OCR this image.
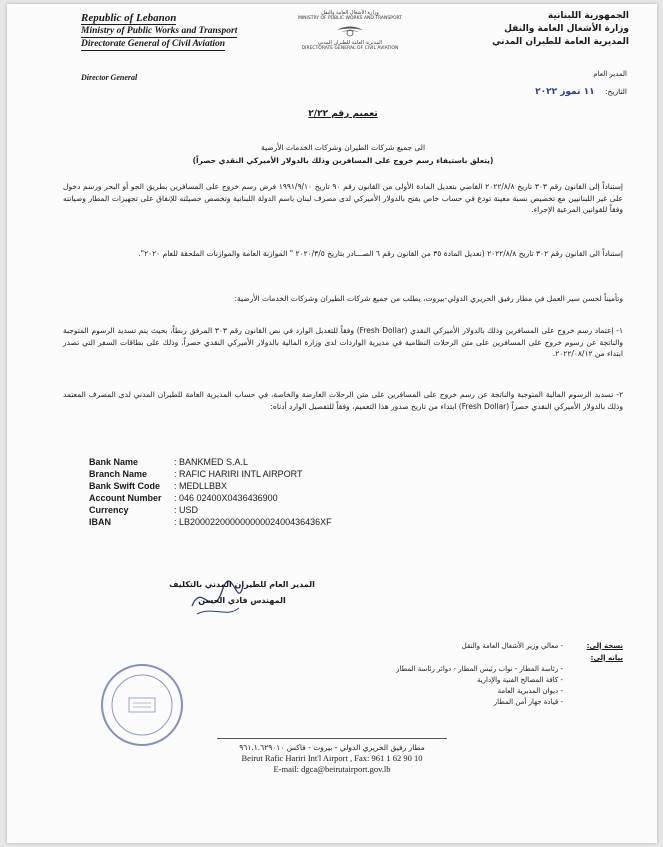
Republic of Lebanon
Ministry of Public Works and Transport
Directorate General of Civil Aviation
وزارة الأشغال العامة والنقل
MINISTRY OF PUBLIC WORKS AND TRANSPORT
المديرية العامة للطيران المدني
DIRECTORATE GENERAL OF CIVIL AVIATION
الجمهورية اللبنانية
وزارة الأشغال العامة والنقل
المديرية العامة للطيران المدني
Director General	المدير العام
التاريخ: ١١ تموز ٢٠٢٢
تعميم رقم ٢/٢٢
الى جميع شركات الطيران وشركات الخدمات الأرضية
(يتعلق باستيفاء رسم خروج على المسافرين وذلك بالدولار الأميركي النقدي حصراً)
إستناداً إلى القانون رقم ٣٠٣ تاريخ ٢٠٢٢/٨/٨ القاضي بتعديل المادة الأولى من القانون رقم ٩٠ تاريخ ١٩٩١/٩/١٠ فرض رسم خروج على المسافرين بطريق الجو أو البحر ورسم دخول على غير اللبنانيين مع تخصيص نسبة معينة تودع في حساب خاص يفتح بالدولار الأميركي لدى مصرف لبنان باسم الدولة اللبنانية وتخصص حصيلته للإنفاق على تجهيزات المطار وصيانته وفقاً للقوانين المرعية الإجراء.
إستناداً الى القانون رقم ٣٠٢ تاريخ ٢٠٢٢/٨/٨ (تعديل المادة ٣٥ من القانون رقم ٦ الصـــادر بتاريخ ٢٠٢٠/٣/٥ " الموازنة العامة والموازنات الملحقة للعام ٢٠٢٠".
وتأميناً لحسن سير العمل في مطار رفيق الحريري الدولي-بيروت، يطلب من جميع شركات الطيران وشركات الخدمات الأرضية:
١- إعتماد رسم خروج على المسافرين وذلك بالدولار الأميركي النقدي (Fresh Dollar) وفقاً للتعديل الوارد في نص القانون رقم ٣٠٣ المرفق ربطاً، بحيث يتم تسديد الرسوم المتوجبة والناتجة عن رسوم خروج على المسافرين على متن الرحلات النظامية في مديرية الواردات لدى وزارة المالية بالدولار الأميركي النقدي حصراً، وذلك على بطاقات السفر التي تصدر ابتداء من ٢٠٢٢/٠٨/١٢.
٢- تسديد الرسوم المالية المتوجبة والناتجة عن رسم خروج على المسافرين على متن الرحلات العارضة والخاصة، في حساب المديرية العامة للطيران المدني لدى المصرف المعتمد وذلك بالدولار الأميركي النقدي حصراً (Fresh Dollar) ابتداء من تاريخ صدور هذا التعميم، وفقاً للتفصيل الوارد أدناه:
Bank Name	: BANKMED S.A.L
Branch Name	: RAFIC HARIRI INTL AIRPORT
Bank Swift Code	: MEDLLBBX
Account Number	: 046 02400X0436436900
Currency	: USD
IBAN	: LB20002200000000002400436436XF
المدير العام للطيران المدني بالتكليف
المهندس فادي الحسن
نسخة إلى:
- معالي وزير الأشغال العامة والنقل
بيانه إلى:
- رئاسة المطار - نواب رئيس المطار - دوائر رئاسة المطار
- كافة المصالح الفنية والإدارية
- ديوان المديرية العامة
- قيادة جهاز أمن المطار
مطار رفيق الحريري الدولي - بيروت - فاكس ٩٦١.١.٦٢٩٠١٠
Beirut Rafic Hariri Int'l Airport , Fax: 961 1 62 90 10
E-mail: dgca@beirutairport.gov.lb
